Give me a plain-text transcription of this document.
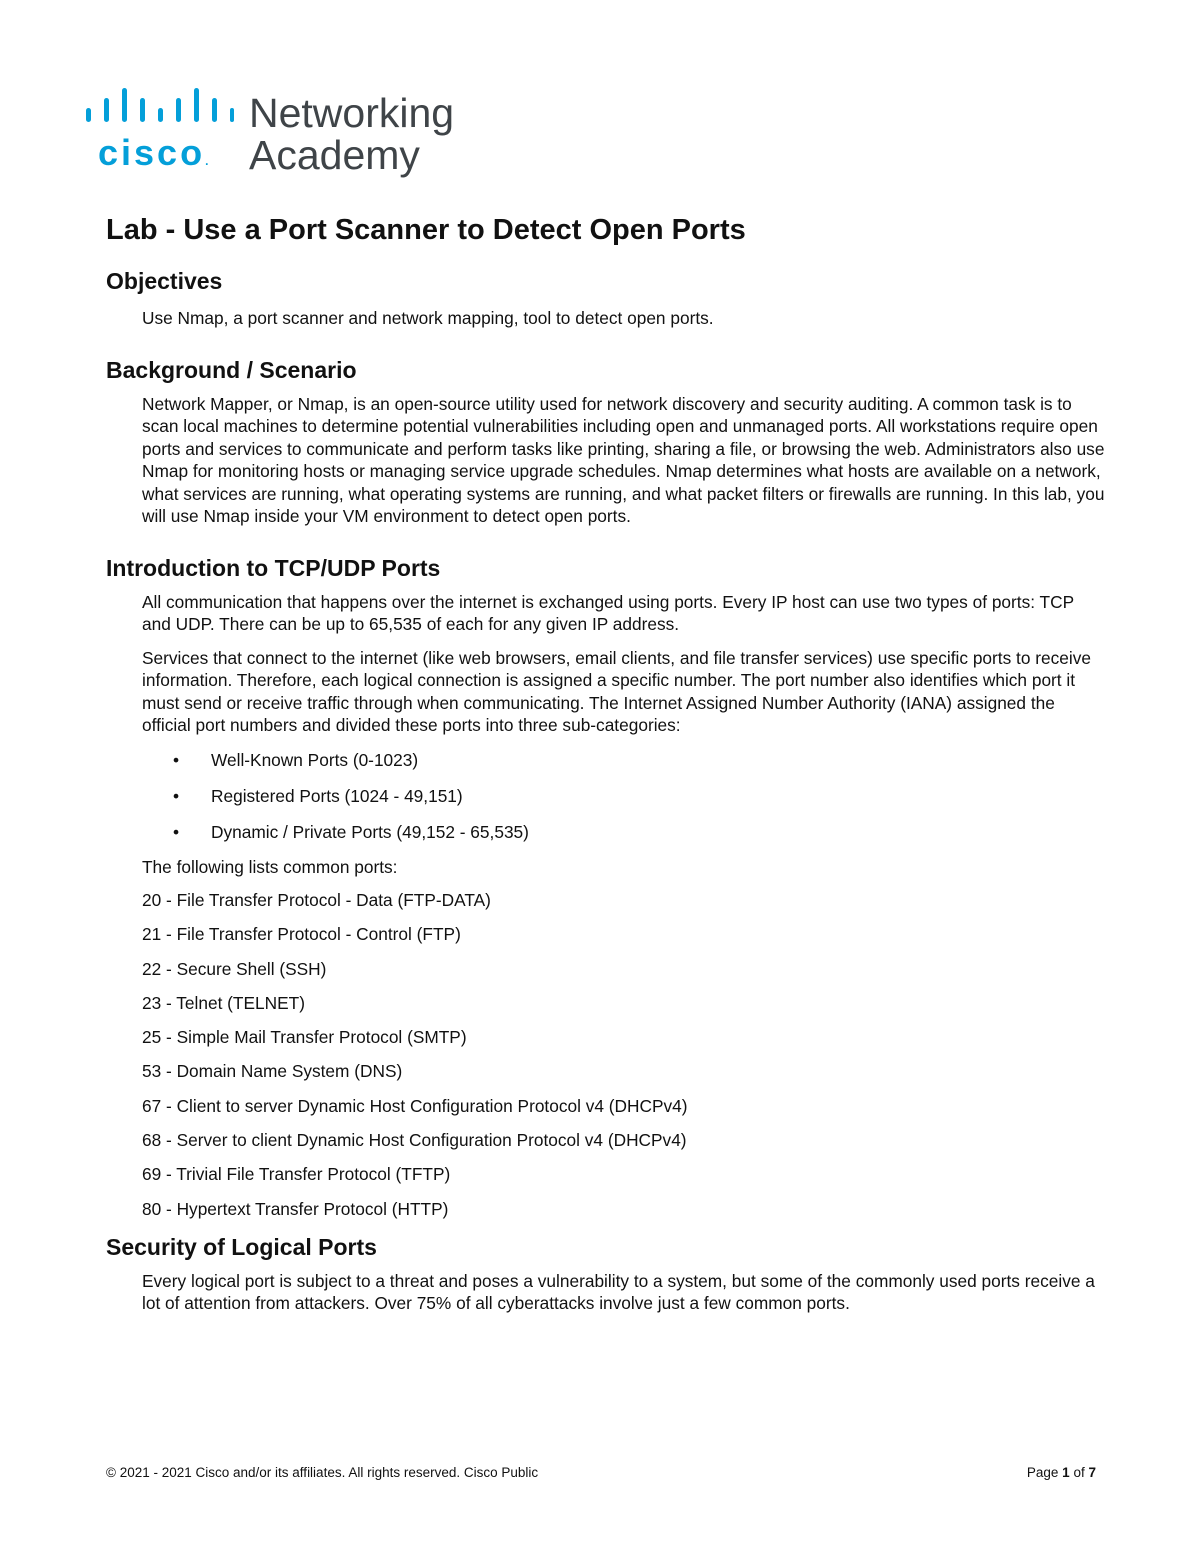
cisco.
Networking
Academy
Lab - Use a Port Scanner to Detect Open Ports
Objectives

Use Nmap, a port scanner and network mapping, tool to detect open ports.

Background / Scenario

Network Mapper, or Nmap, is an open-source utility used for network discovery and security auditing. A common task is to scan local machines to determine potential vulnerabilities including open and unmanaged ports. All workstations require open ports and services to communicate and perform tasks like printing, sharing a file, or browsing the web. Administrators also use Nmap for monitoring hosts or managing service upgrade schedules. Nmap determines what hosts are available on a network, what services are running, what operating systems are running, and what packet filters or firewalls are running. In this lab, you will use Nmap inside your VM environment to detect open ports.

Introduction to TCP/UDP Ports

All communication that happens over the internet is exchanged using ports. Every IP host can use two types of ports: TCP and UDP. There can be up to 65,535 of each for any given IP address.

Services that connect to the internet (like web browsers, email clients, and file transfer services) use specific ports to receive information. Therefore, each logical connection is assigned a specific number. The port number also identifies which port it must send or receive traffic through when communicating. The Internet Assigned Number Authority (IANA) assigned the official port numbers and divided these ports into three sub-categories:

• Well-Known Ports (0-1023)
• Registered Ports (1024 - 49,151)
• Dynamic / Private Ports (49,152 - 65,535)

The following lists common ports:

20 - File Transfer Protocol - Data (FTP-DATA)
21 - File Transfer Protocol - Control (FTP)
22 - Secure Shell (SSH)
23 - Telnet (TELNET)
25 - Simple Mail Transfer Protocol (SMTP)
53 - Domain Name System (DNS)
67 - Client to server Dynamic Host Configuration Protocol v4 (DHCPv4)
68 - Server to client Dynamic Host Configuration Protocol v4 (DHCPv4)
69 - Trivial File Transfer Protocol (TFTP)
80 - Hypertext Transfer Protocol (HTTP)
Security of Logical Ports

Every logical port is subject to a threat and poses a vulnerability to a system, but some of the commonly used ports receive a lot of attention from attackers. Over 75% of all cyberattacks involve just a few common ports.

© 2021 - 2021 Cisco and/or its affiliates. All rights reserved. Cisco Public	Page 1 of 7
